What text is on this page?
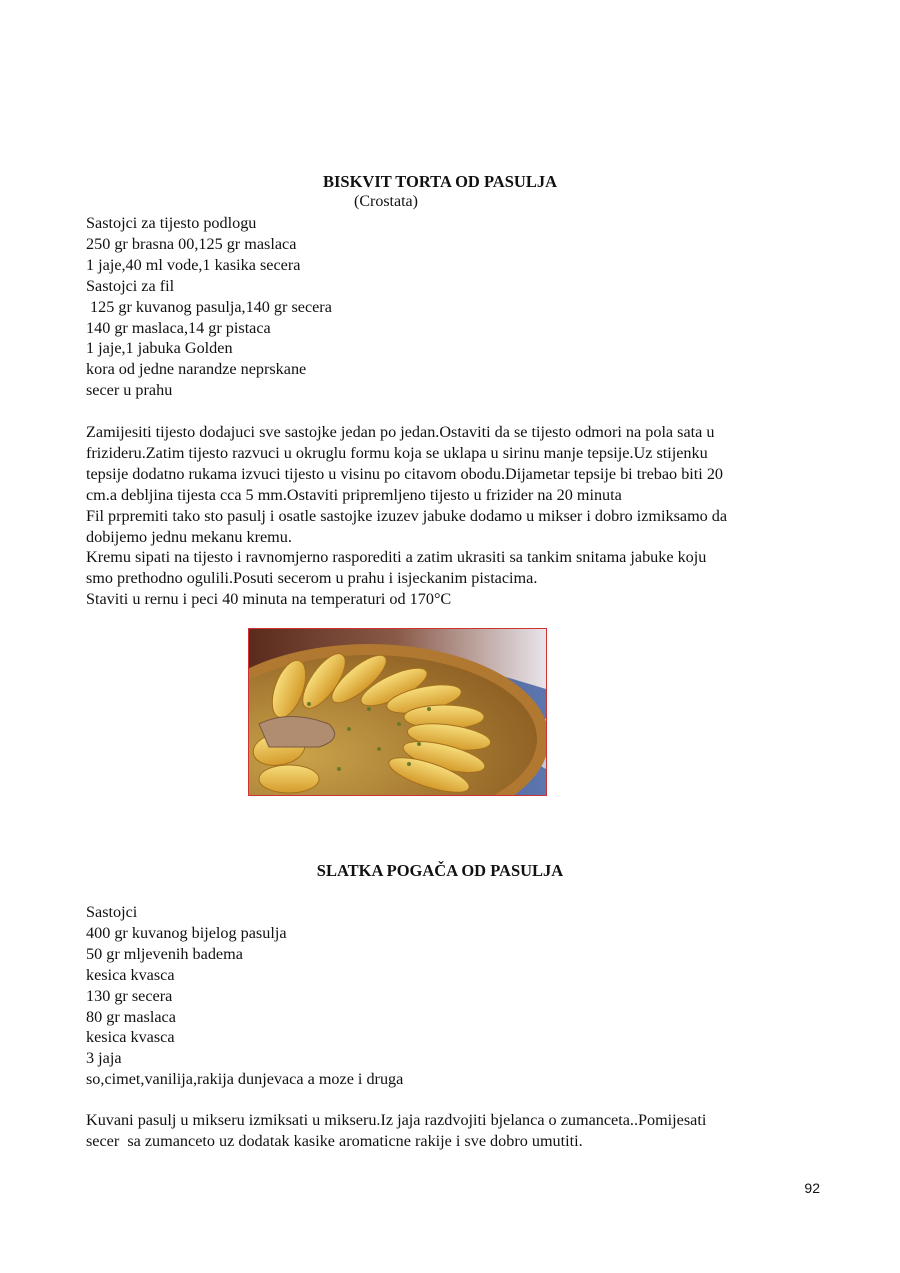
BISKVIT TORTA OD PASULJA
(Crostata)
Sastojci za tijesto podlogu
250 gr brasna 00,125 gr maslaca
1 jaje,40 ml vode,1 kasika secera
Sastojci za fil
125 gr kuvanog pasulja,140 gr secera
140 gr maslaca,14 gr pistaca
1 jaje,1 jabuka Golden
kora od jedne narandze neprskane
secer u prahu
Zamijesiti tijesto dodajuci sve sastojke jedan po jedan.Ostaviti da se tijesto odmori na pola sata u
frizideru.Zatim tijesto razvuci u okruglu formu koja se uklapa u sirinu manje tepsije.Uz stijenku
tepsije dodatno rukama izvuci tijesto u visinu po citavom obodu.Dijametar tepsije bi trebao biti 20
cm.a debljina tijesta cca 5 mm.Ostaviti pripremljeno tijesto u frizider na 20 minuta
Fil prpremiti tako sto pasulj i osatle sastojke izuzev jabuke dodamo u mikser i dobro izmiksamo da
dobijemo jednu mekanu kremu.
Kremu sipati na tijesto i ravnomjerno rasporediti a zatim ukrasiti sa tankim snitama jabuke koju
smo prethodno ogulili.Posuti secerom u prahu i isjeckanim pistacima.
Staviti u rernu i peci 40 minuta na temperaturi od 170°C
SLATKA POGAČA OD PASULJA
Sastojci
400 gr kuvanog bijelog pasulja
50 gr mljevenih badema
kesica kvasca
130 gr secera
80 gr maslaca
kesica kvasca
3 jaja
so,cimet,vanilija,rakija dunjevaca a moze i druga
Kuvani pasulj u mikseru izmiksati u mikseru.Iz jaja razdvojiti bjelanca o zumanceta..Pomijesati
secer  sa zumanceto uz dodatak kasike aromaticne rakije i sve dobro umutiti.
92
